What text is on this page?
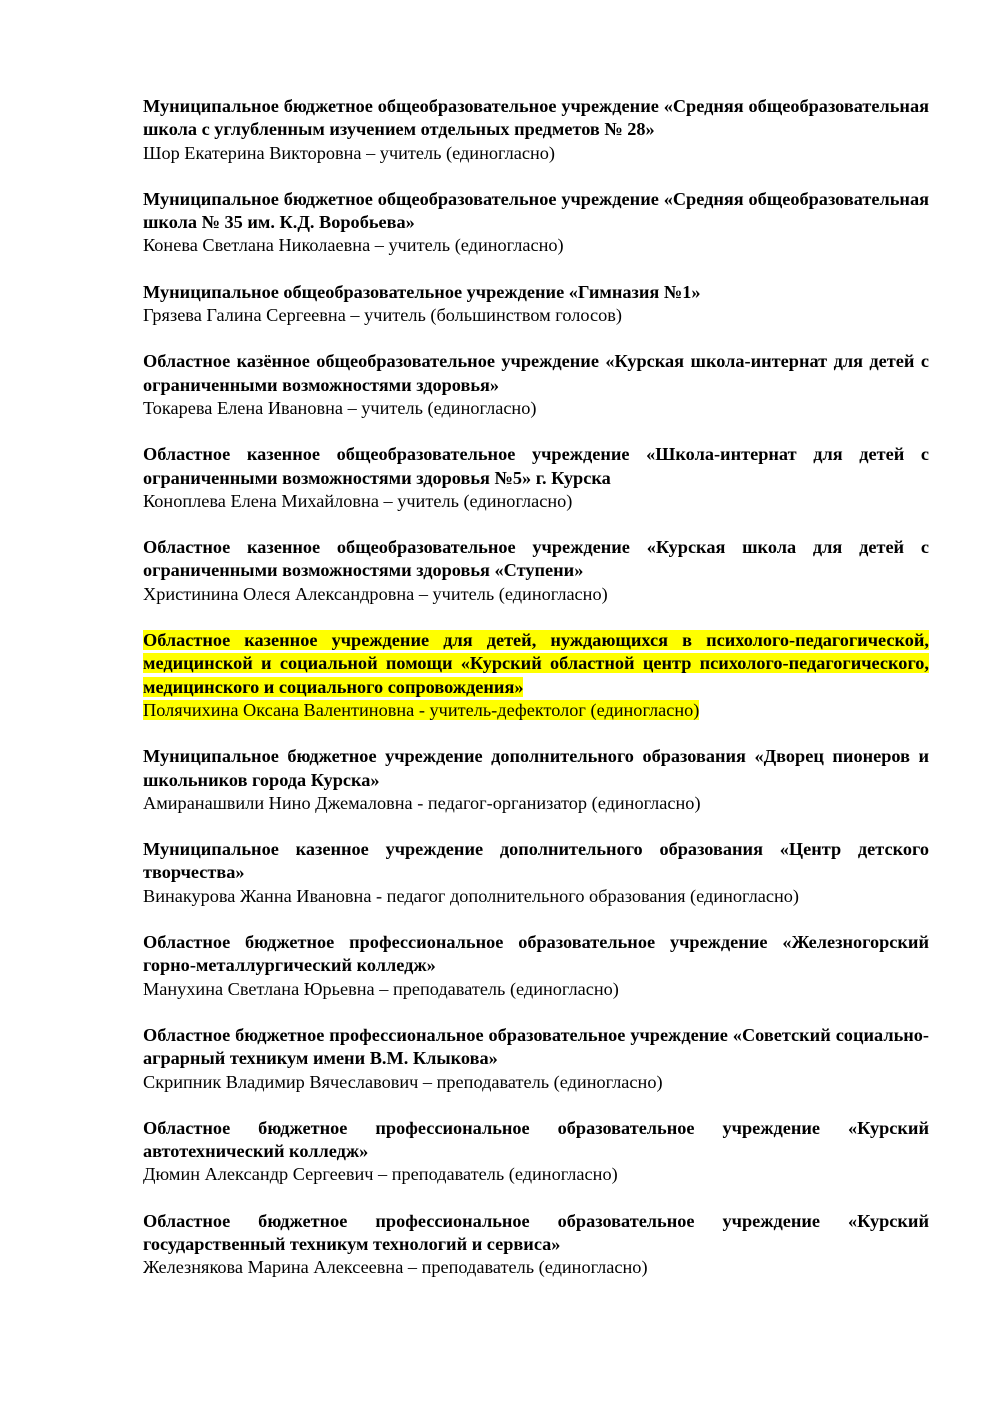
Муниципальное бюджетное общеобразовательное учреждение «Средняя общеобразовательная школа с углубленным изучением отдельных предметов № 28»

Шор Екатерина Викторовна – учитель (единогласно)

Муниципальное бюджетное общеобразовательное учреждение «Средняя общеобразовательная школа № 35 им. К.Д. Воробьева»

Конева Светлана Николаевна – учитель (единогласно)

Муниципальное общеобразовательное учреждение «Гимназия №1»

Грязева Галина Сергеевна – учитель (большинством голосов)

Областное казённое общеобразовательное учреждение «Курская школа-интернат для детей с ограниченными возможностями здоровья»

Токарева Елена Ивановна – учитель (единогласно)

Областное казенное общеобразовательное учреждение «Школа-интернат для детей с ограниченными возможностями здоровья №5» г. Курска

Коноплева Елена Михайловна – учитель (единогласно)

Областное казенное общеобразовательное учреждение «Курская школа для детей с ограниченными возможностями здоровья «Ступени»

Христинина Олеся Александровна – учитель (единогласно)

Областное казенное учреждение для детей, нуждающихся в психолого-педагогической, медицинской и социальной помощи «Курский областной центр психолого-педагогического, медицинского и социального сопровождения»

Полячихина Оксана Валентиновна - учитель-дефектолог (единогласно)

Муниципальное бюджетное учреждение дополнительного образования «Дворец пионеров и школьников города Курска»

Амиранашвили Нино Джемаловна - педагог-организатор (единогласно)

Муниципальное казенное учреждение дополнительного образования «Центр детского творчества»

Винакурова Жанна Ивановна - педагог дополнительного образования (единогласно)

Областное бюджетное профессиональное образовательное учреждение «Железногорский горно-металлургический колледж»

Манухина Светлана Юрьевна – преподаватель (единогласно)

Областное бюджетное профессиональное образовательное учреждение «Советский социально-аграрный техникум имени В.М. Клыкова»

Скрипник Владимир Вячеславович – преподаватель (единогласно)

Областное бюджетное профессиональное образовательное учреждение «Курский автотехнический колледж»

Дюмин Александр Сергеевич – преподаватель (единогласно)

Областное бюджетное профессиональное образовательное учреждение «Курский государственный техникум технологий и сервиса»

Железнякова Марина Алексеевна – преподаватель (единогласно)
